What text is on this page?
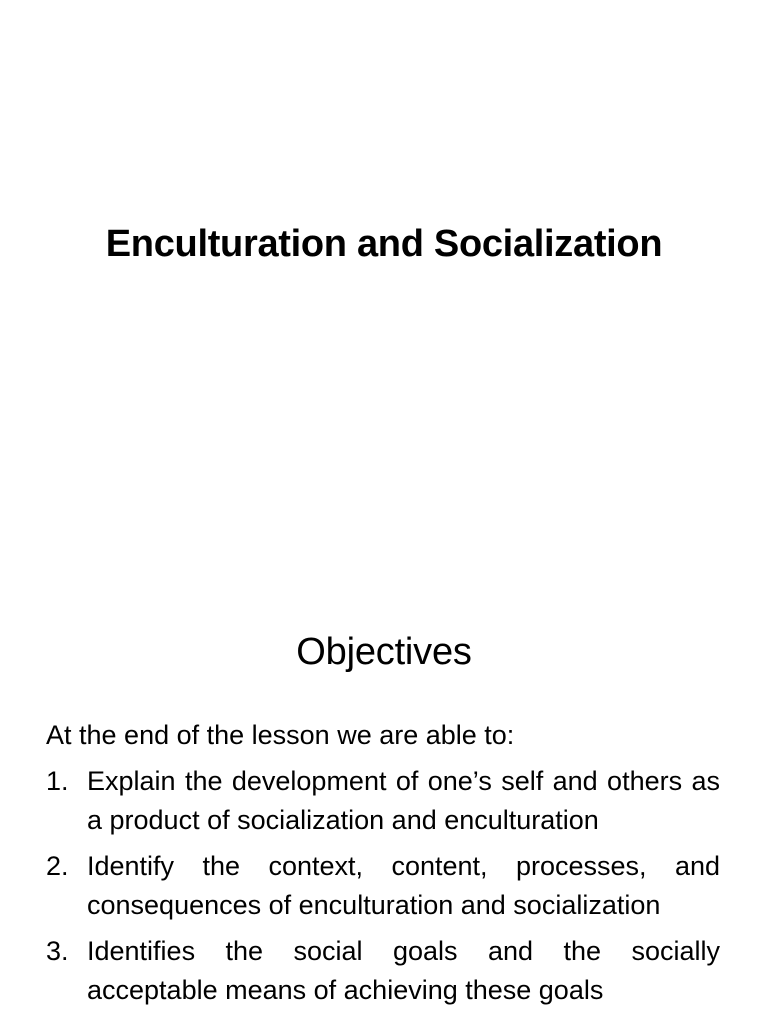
Enculturation and Socialization
Objectives
At the end of the lesson we are able to:
1. Explain the development of one’s self and others as a product of socialization and enculturation
2. Identify the context, content, processes, and consequences of enculturation and socialization
3. Identifies the social goals and the socially acceptable means of achieving these goals
